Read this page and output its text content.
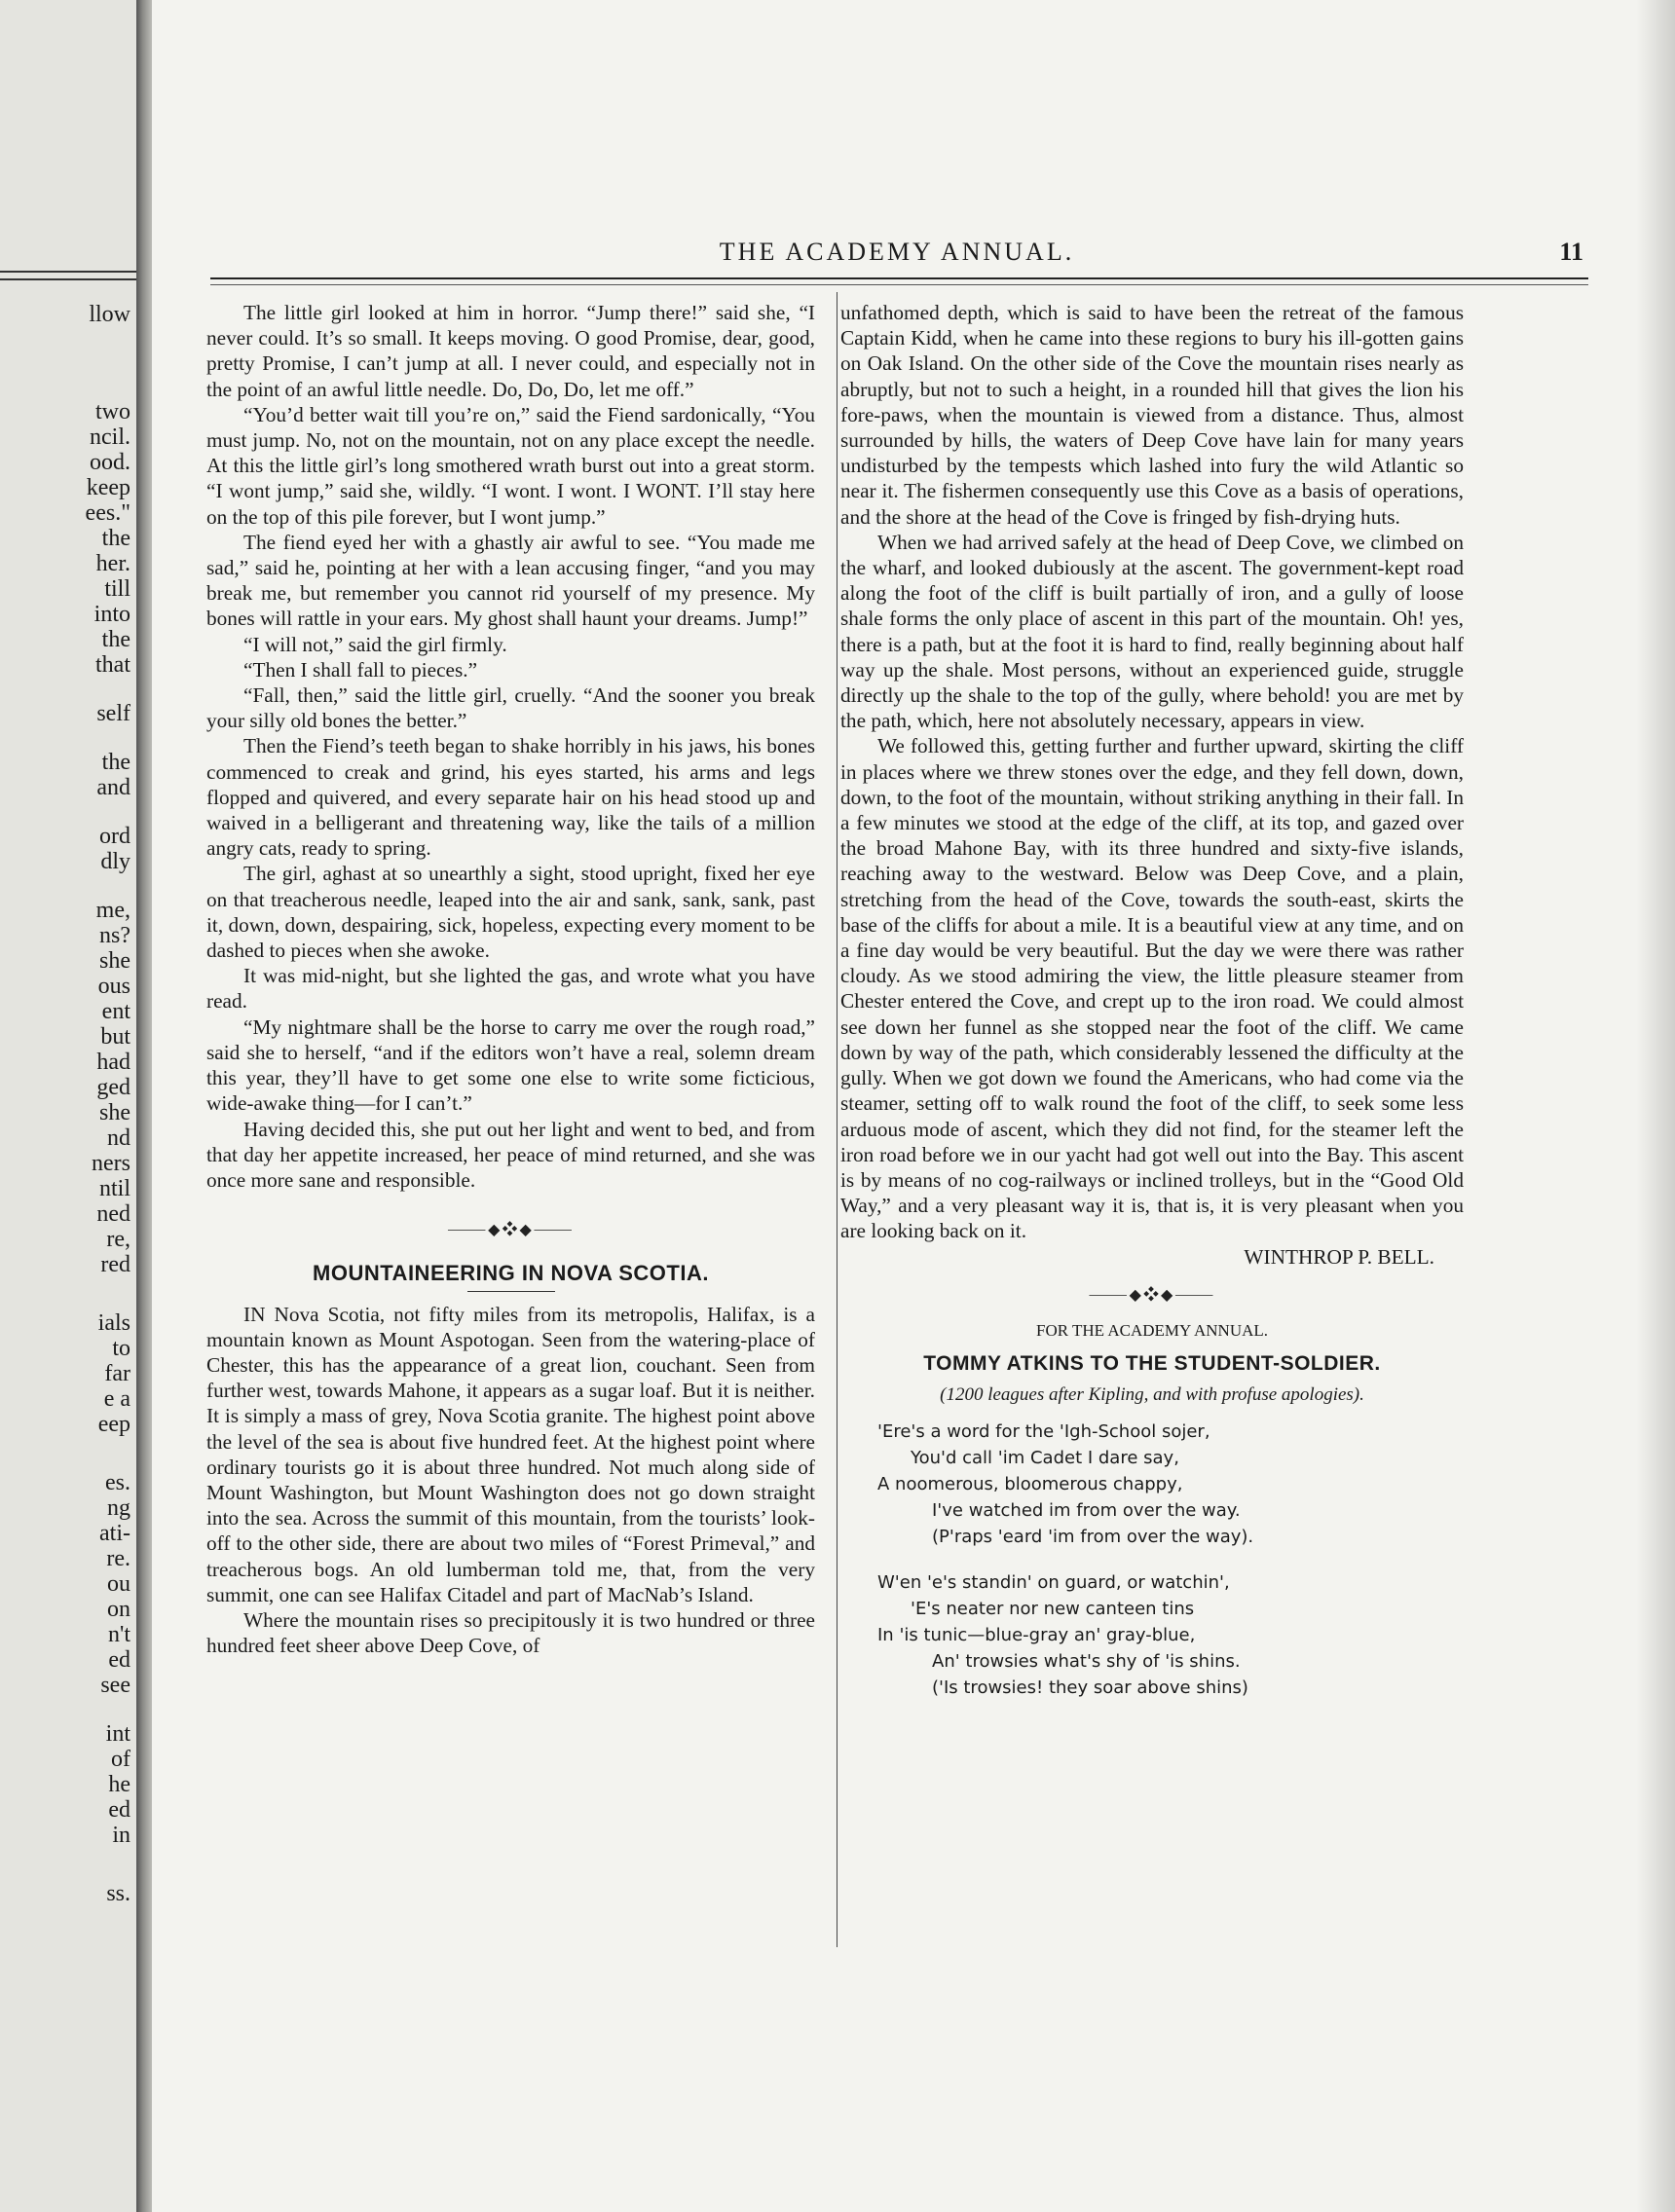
llow
two
ncil.
ood.
keep
ees."
the
her.
till
into
the
that
self
the
and
ord
dly
me,
ns?
she
ous
ent
but
had
ged
she
nd
ners
ntil
ned
re,
red
ials
to
far
e a
eep
es.
ng
ati-
re.
ou
on
n't
ed
see
int
of
he
ed
in
ss.
THE ACADEMY ANNUAL.	11

The little girl looked at him in horror. “Jump there!” said she, “I never could. It’s so small. It keeps moving. O good Promise, dear, good, pretty Promise, I can’t jump at all. I never could, and especially not in the point of an awful little needle. Do, Do, Do, let me off.”

“You’d better wait till you’re on,” said the Fiend sardonically, “You must jump. No, not on the mountain, not on any place except the needle. At this the little girl’s long smothered wrath burst out into a great storm. “I wont jump,” said she, wildly. “I wont. I wont. I WONT. I’ll stay here on the top of this pile forever, but I wont jump.”

The fiend eyed her with a ghastly air awful to see. “You made me sad,” said he, pointing at her with a lean accusing finger, “and you may break me, but remember you cannot rid yourself of my presence. My bones will rattle in your ears. My ghost shall haunt your dreams. Jump!”

“I will not,” said the girl firmly.

“Then I shall fall to pieces.”

“Fall, then,” said the little girl, cruelly. “And the sooner you break your silly old bones the better.”

Then the Fiend’s teeth began to shake horribly in his jaws, his bones commenced to creak and grind, his eyes started, his arms and legs flopped and quivered, and every separate hair on his head stood up and waived in a belligerant and threatening way, like the tails of a million angry cats, ready to spring.

The girl, aghast at so unearthly a sight, stood upright, fixed her eye on that treacherous needle, leaped into the air and sank, sank, sank, past it, down, down, despairing, sick, hopeless, expecting every moment to be dashed to pieces when she awoke.

It was mid-night, but she lighted the gas, and wrote what you have read.

“My nightmare shall be the horse to carry me over the rough road,” said she to herself, “and if the editors won’t have a real, solemn dream this year, they’ll have to get some one else to write some ficticious, wide-awake thing—for I can’t.”

Having decided this, she put out her light and went to bed, and from that day her appetite increased, her peace of mind returned, and she was once more sane and responsible.

⸻◆❖◆⸻
MOUNTAINEERING IN NOVA SCOTIA.

IN Nova Scotia, not fifty miles from its metropolis, Halifax, is a mountain known as Mount Aspotogan. Seen from the watering-place of Chester, this has the appearance of a great lion, couchant. Seen from further west, towards Mahone, it appears as a sugar loaf. But it is neither. It is simply a mass of grey, Nova Scotia granite. The highest point above the level of the sea is about five hundred feet. At the highest point where ordinary tourists go it is about three hundred. Not much along side of Mount Washington, but Mount Washington does not go down straight into the sea. Across the summit of this mountain, from the tourists’ look-off to the other side, there are about two miles of “Forest Primeval,” and treacherous bogs. An old lumberman told me, that, from the very summit, one can see Halifax Citadel and part of MacNab’s Island.

Where the mountain rises so precipitously it is two hundred or three hundred feet sheer above Deep Cove, of

unfathomed depth, which is said to have been the retreat of the famous Captain Kidd, when he came into these regions to bury his ill-gotten gains on Oak Island. On the other side of the Cove the mountain rises nearly as abruptly, but not to such a height, in a rounded hill that gives the lion his fore-paws, when the mountain is viewed from a distance. Thus, almost surrounded by hills, the waters of Deep Cove have lain for many years undisturbed by the tempests which lashed into fury the wild Atlantic so near it. The fishermen consequently use this Cove as a basis of operations, and the shore at the head of the Cove is fringed by fish-drying huts.

When we had arrived safely at the head of Deep Cove, we climbed on the wharf, and looked dubiously at the ascent. The government-kept road along the foot of the cliff is built partially of iron, and a gully of loose shale forms the only place of ascent in this part of the mountain. Oh! yes, there is a path, but at the foot it is hard to find, really beginning about half way up the shale. Most persons, without an experienced guide, struggle directly up the shale to the top of the gully, where behold! you are met by the path, which, here not absolutely necessary, appears in view.

We followed this, getting further and further upward, skirting the cliff in places where we threw stones over the edge, and they fell down, down, down, to the foot of the mountain, without striking anything in their fall. In a few minutes we stood at the edge of the cliff, at its top, and gazed over the broad Mahone Bay, with its three hundred and sixty-five islands, reaching away to the westward. Below was Deep Cove, and a plain, stretching from the head of the Cove, towards the south-east, skirts the base of the cliffs for about a mile. It is a beautiful view at any time, and on a fine day would be very beautiful. But the day we were there was rather cloudy. As we stood admiring the view, the little pleasure steamer from Chester entered the Cove, and crept up to the iron road. We could almost see down her funnel as she stopped near the foot of the cliff. We came down by way of the path, which considerably lessened the difficulty at the gully. When we got down we found the Americans, who had come via the steamer, setting off to walk round the foot of the cliff, to seek some less arduous mode of ascent, which they did not find, for the steamer left the iron road before we in our yacht had got well out into the Bay. This ascent is by means of no cog-railways or inclined trolleys, but in the “Good Old Way,” and a very pleasant way it is, that is, it is very pleasant when you are looking back on it.

WINTHROP P. BELL.
⸻◆❖◆⸻
FOR THE ACADEMY ANNUAL.
TOMMY ATKINS TO THE STUDENT-SOLDIER.
(1200 leagues after Kipling, and with profuse apologies).
'Ere's a word for the 'Igh-School sojer,
You'd call 'im Cadet I dare say,
A noomerous, bloomerous chappy,
I've watched im from over the way.
(P'raps 'eard 'im from over the way).
W'en 'e's standin' on guard, or watchin',
'E's neater nor new canteen tins
In 'is tunic—blue-gray an' gray-blue,
An' trowsies what's shy of 'is shins.
('Is trowsies! they soar above shins)
